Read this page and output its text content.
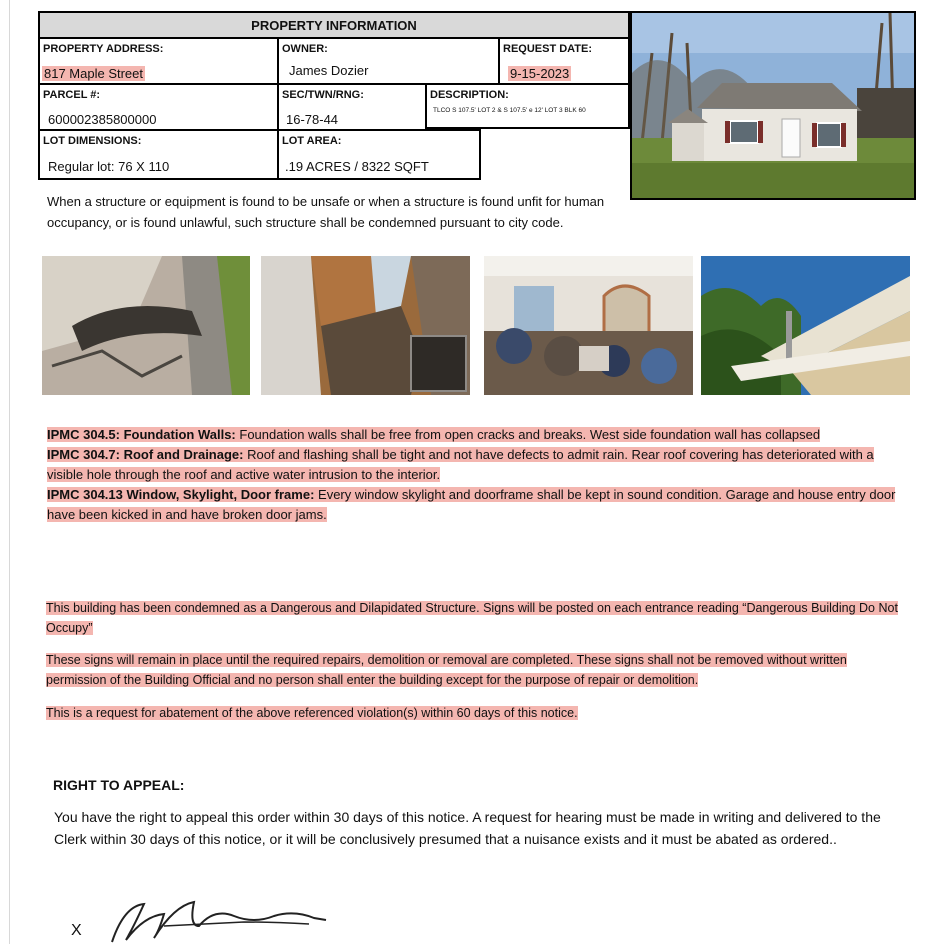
PROPERTY INFORMATION
PROPERTY ADDRESS:
817 Maple Street
OWNER:
James Dozier
REQUEST DATE:
9-15-2023
PARCEL #:
600002385800000
SEC/TWN/RNG:
16-78-44
DESCRIPTION:
TLCO S 107.5' LOT 2 & S 107.5' e 12' LOT 3 BLK 60
LOT DIMENSIONS:
Regular lot: 76 X 110
LOT AREA:
.19 ACRES / 8322 SQFT
When a structure or equipment is found to be unsafe or when a structure is found unfit for human occupancy, or is found unlawful, such structure shall be condemned pursuant to city code.

IPMC 304.5: Foundation Walls: Foundation walls shall be free from open cracks and breaks. West side foundation wall has collapsed

IPMC 304.7: Roof and Drainage: Roof and flashing shall be tight and not have defects to admit rain. Rear roof covering has deteriorated with a visible hole through the roof and active water intrusion to the interior.

IPMC 304.13 Window, Skylight, Door frame: Every window skylight and doorframe shall be kept in sound condition. Garage and house entry door have been kicked in and have broken door jams.

This building has been condemned as a Dangerous and Dilapidated Structure. Signs will be posted on each entrance reading “Dangerous Building Do Not Occupy”
These signs will remain in place until the required repairs, demolition or removal are completed. These signs shall not be removed without written permission of the Building Official and no person shall enter the building except for the purpose of repair or demolition.
This is a request for abatement of the above referenced violation(s) within 60 days of this notice.
RIGHT TO APPEAL:
You have the right to appeal this order within 30 days of this notice. A request for hearing must be made in writing and delivered to the Clerk within 30 days of this notice, or it will be conclusively presumed that a nuisance exists and it must be abated as ordered..
X
